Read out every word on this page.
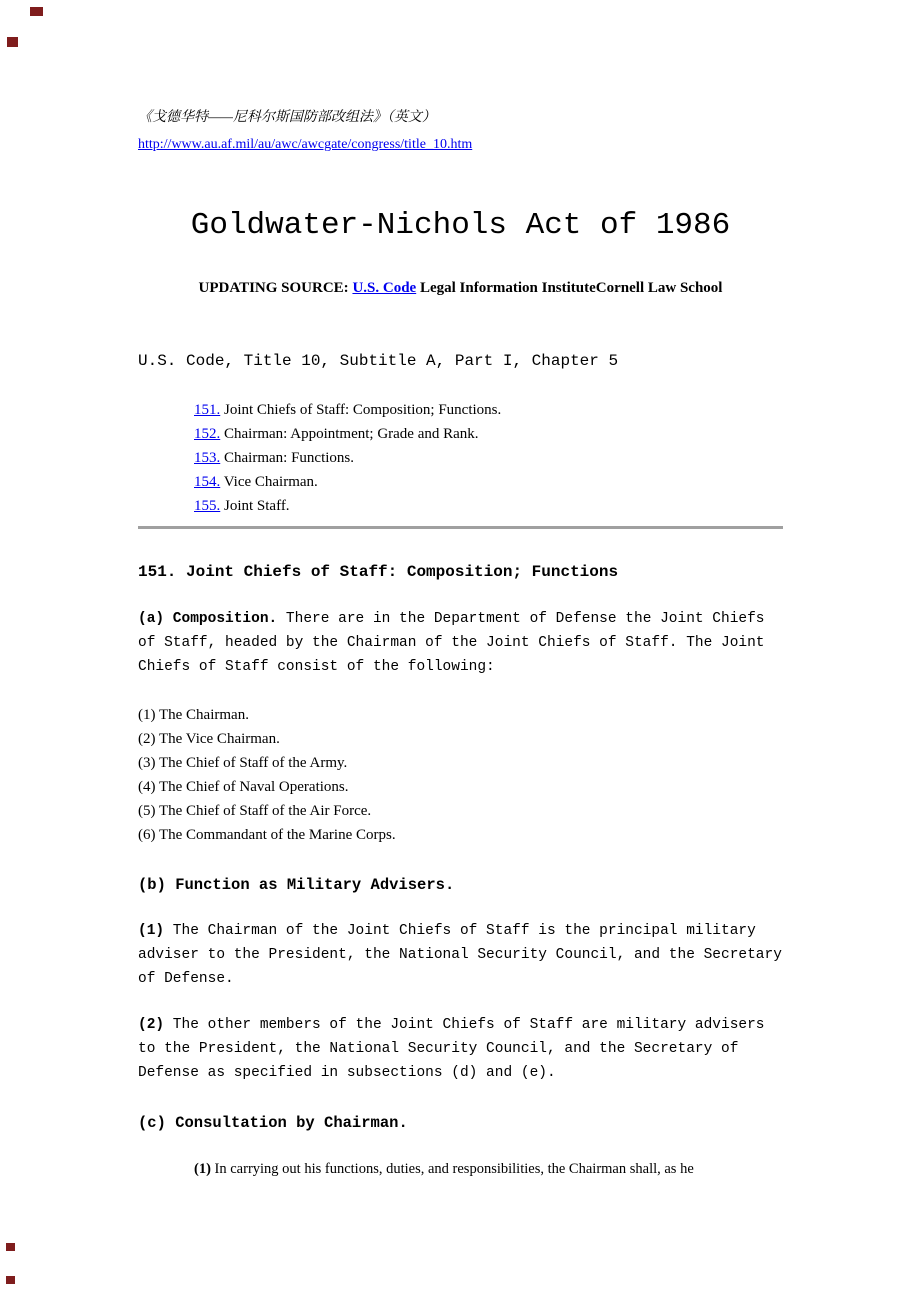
《戈德华特——尼科尔斯国防部改组法》（英文）

http://www.au.af.mil/au/awc/awcgate/congress/title_10.htm

Goldwater-Nichols Act of 1986

UPDATING SOURCE: U.S. Code Legal Information InstituteCornell Law School

U.S. Code, Title 10, Subtitle A, Part I, Chapter 5
151. Joint Chiefs of Staff: Composition; Functions.
152. Chairman: Appointment; Grade and Rank.
153. Chairman: Functions.
154. Vice Chairman.
155. Joint Staff.
151. Joint Chiefs of Staff: Composition; Functions

(a) Composition. There are in the Department of Defense the Joint Chiefs of Staff, headed by the Chairman of the Joint Chiefs of Staff. The Joint Chiefs of Staff consist of the following:

(1) The Chairman.
(2) The Vice Chairman.
(3) The Chief of Staff of the Army.
(4) The Chief of Naval Operations.
(5) The Chief of Staff of the Air Force.
(6) The Commandant of the Marine Corps.
(b) Function as Military Advisers.

(1) The Chairman of the Joint Chiefs of Staff is the principal military adviser to the President, the National Security Council, and the Secretary of Defense.

(2) The other members of the Joint Chiefs of Staff are military advisers to the President, the National Security Council, and the Secretary of Defense as specified in subsections (d) and (e).

(c) Consultation by Chairman.

(1) In carrying out his functions, duties, and responsibilities, the Chairman shall, as he
